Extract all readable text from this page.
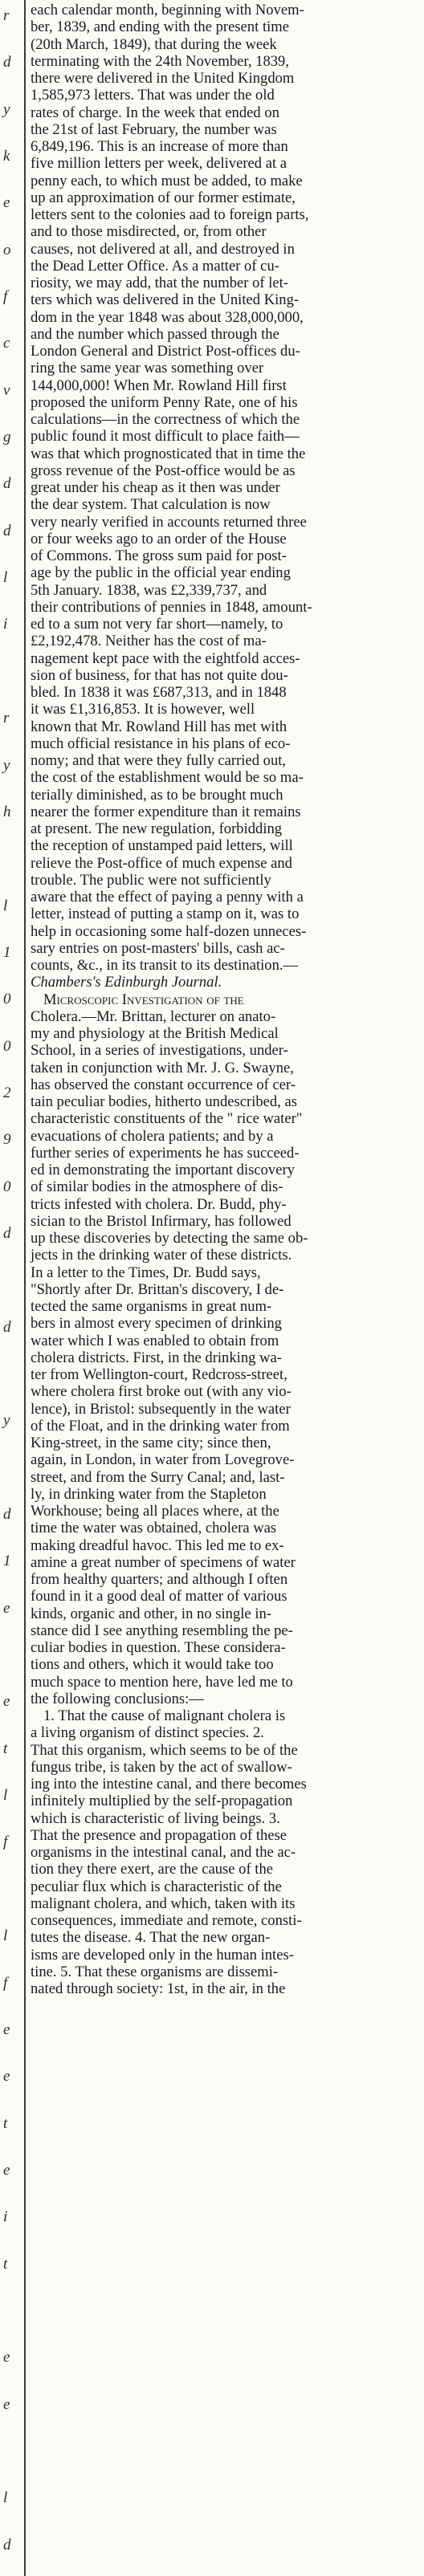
r
d
y
k
e
o
f
c
v
g
d
d
l
i
r
y
h
l
1
0
0
2
9
0
d
d
y
d
1
e
e
t
l
f
l
f
e
e
t
e
i
t
e
e
l
d
each calendar month, beginning with Novem-
ber, 1839, and ending with the present time
(20th March, 1849), that during the week
terminating with the 24th November, 1839,
there were delivered in the United Kingdom
1,585,973 letters. That was under the old
rates of charge. In the week that ended on
the 21st of last February, the number was
6,849,196. This is an increase of more than
five million letters per week, delivered at a
penny each, to which must be added, to make
up an approximation of our former estimate,
letters sent to the colonies aad to foreign parts,
and to those misdirected, or, from other
causes, not delivered at all, and destroyed in
the Dead Letter Office. As a matter of cu-
riosity, we may add, that the number of let-
ters which was delivered in the United King-
dom in the year 1848 was about 328,000,000,
and the number which passed through the
London General and District Post-offices du-
ring the same year was something over
144,000,000! When Mr. Rowland Hill first
proposed the uniform Penny Rate, one of his
calculations—in the correctness of which the
public found it most difficult to place faith—
was that which prognosticated that in time the
gross revenue of the Post-office would be as
great under his cheap as it then was under
the dear system. That calculation is now
very nearly verified in accounts returned three
or four weeks ago to an order of the House
of Commons. The gross sum paid for post-
age by the public in the official year ending
5th January. 1838, was £2,339,737, and
their contributions of pennies in 1848, amount-
ed to a sum not very far short—namely, to
£2,192,478. Neither has the cost of ma-
nagement kept pace with the eightfold acces-
sion of business, for that has not quite dou-
bled. In 1838 it was £687,313, and in 1848
it was £1,316,853. It is however, well
known that Mr. Rowland Hill has met with
much official resistance in his plans of eco-
nomy; and that were they fully carried out,
the cost of the establishment would be so ma-
terially diminished, as to be brought much
nearer the former expenditure than it remains
at present. The new regulation, forbidding
the reception of unstamped paid letters, will
relieve the Post-office of much expense and
trouble. The public were not sufficiently
aware that the effect of paying a penny with a
letter, instead of putting a stamp on it, was to
help in occasioning some half-dozen unneces-
sary entries on post-masters' bills, cash ac-
counts, &c., in its transit to its destination.—
Chambers's Edinburgh Journal.
Microscopic Investigation of the
Cholera.—Mr. Brittan, lecturer on anato-
my and physiology at the British Medical
School, in a series of investigations, under-
taken in conjunction with Mr. J. G. Swayne,
has observed the constant occurrence of cer-
tain peculiar bodies, hitherto undescribed, as
characteristic constituents of the " rice water"
evacuations of cholera patients; and by a
further series of experiments he has succeed-
ed in demonstrating the important discovery
of similar bodies in the atmosphere of dis-
tricts infested with cholera. Dr. Budd, phy-
sician to the Bristol Infirmary, has followed
up these discoveries by detecting the same ob-
jects in the drinking water of these districts.
In a letter to the Times, Dr. Budd says,
"Shortly after Dr. Brittan's discovery, I de-
tected the same organisms in great num-
bers in almost every specimen of drinking
water which I was enabled to obtain from
cholera districts. First, in the drinking wa-
ter from Wellington-court, Redcross-street,
where cholera first broke out (with any vio-
lence), in Bristol: subsequently in the water
of the Float, and in the drinking water from
King-street, in the same city; since then,
again, in London, in water from Lovegrove-
street, and from the Surry Canal; and, last-
ly, in drinking water from the Stapleton
Workhouse; being all places where, at the
time the water was obtained, cholera was
making dreadful havoc. This led me to ex-
amine a great number of specimens of water
from healthy quarters; and although I often
found in it a good deal of matter of various
kinds, organic and other, in no single in-
stance did I see anything resembling the pe-
culiar bodies in question. These considera-
tions and others, which it would take too
much space to mention here, have led me to
the following conclusions:—
1. That the cause of malignant cholera is
a living organism of distinct species. 2.
That this organism, which seems to be of the
fungus tribe, is taken by the act of swallow-
ing into the intestine canal, and there becomes
infinitely multiplied by the self-propagation
which is characteristic of living beings. 3.
That the presence and propagation of these
organisms in the intestinal canal, and the ac-
tion they there exert, are the cause of the
peculiar flux which is characteristic of the
malignant cholera, and which, taken with its
consequences, immediate and remote, consti-
tutes the disease. 4. That the new organ-
isms are developed only in the human intes-
tine. 5. That these organisms are dissemi-
nated through society: 1st, in the air, in the
